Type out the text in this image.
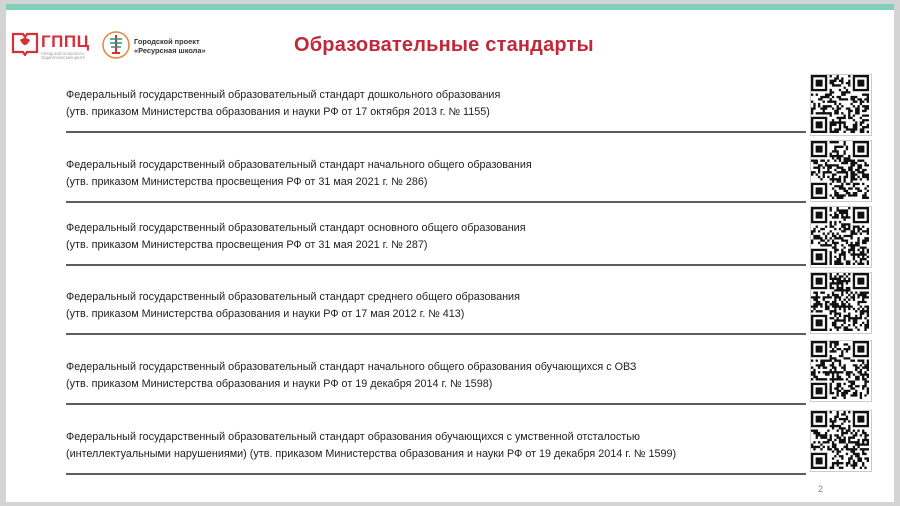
ГППЦ
ГОРОДСКОЙ ПСИХОЛОГО-ПЕДАГОГИЧЕСКИЙ ЦЕНТР
Городской проект
«Ресурсная школа»	Образовательные стандарты
Федеральный государственный образовательный стандарт дошкольного образования
(утв. приказом Министерства образования и науки РФ от 17 октября 2013 г. № 1155)
Федеральный государственный образовательный стандарт начального общего образования
(утв. приказом Министерства просвещения РФ от 31 мая 2021 г. № 286)
Федеральный государственный образовательный стандарт основного общего образования
(утв. приказом Министерства просвещения РФ от 31 мая 2021 г. № 287)
Федеральный государственный образовательный стандарт среднего общего образования
(утв. приказом Министерства образования и науки РФ от 17 мая 2012 г. № 413)
Федеральный государственный образовательный стандарт начального общего образования обучающихся с ОВЗ
(утв. приказом Министерства образования и науки РФ от 19 декабря 2014 г. № 1598)
Федеральный государственный образовательный стандарт образования обучающихся с умственной отсталостью
(интеллектуальными нарушениями) (утв. приказом Министерства образования и науки РФ от 19 декабря 2014 г. № 1599)
2
